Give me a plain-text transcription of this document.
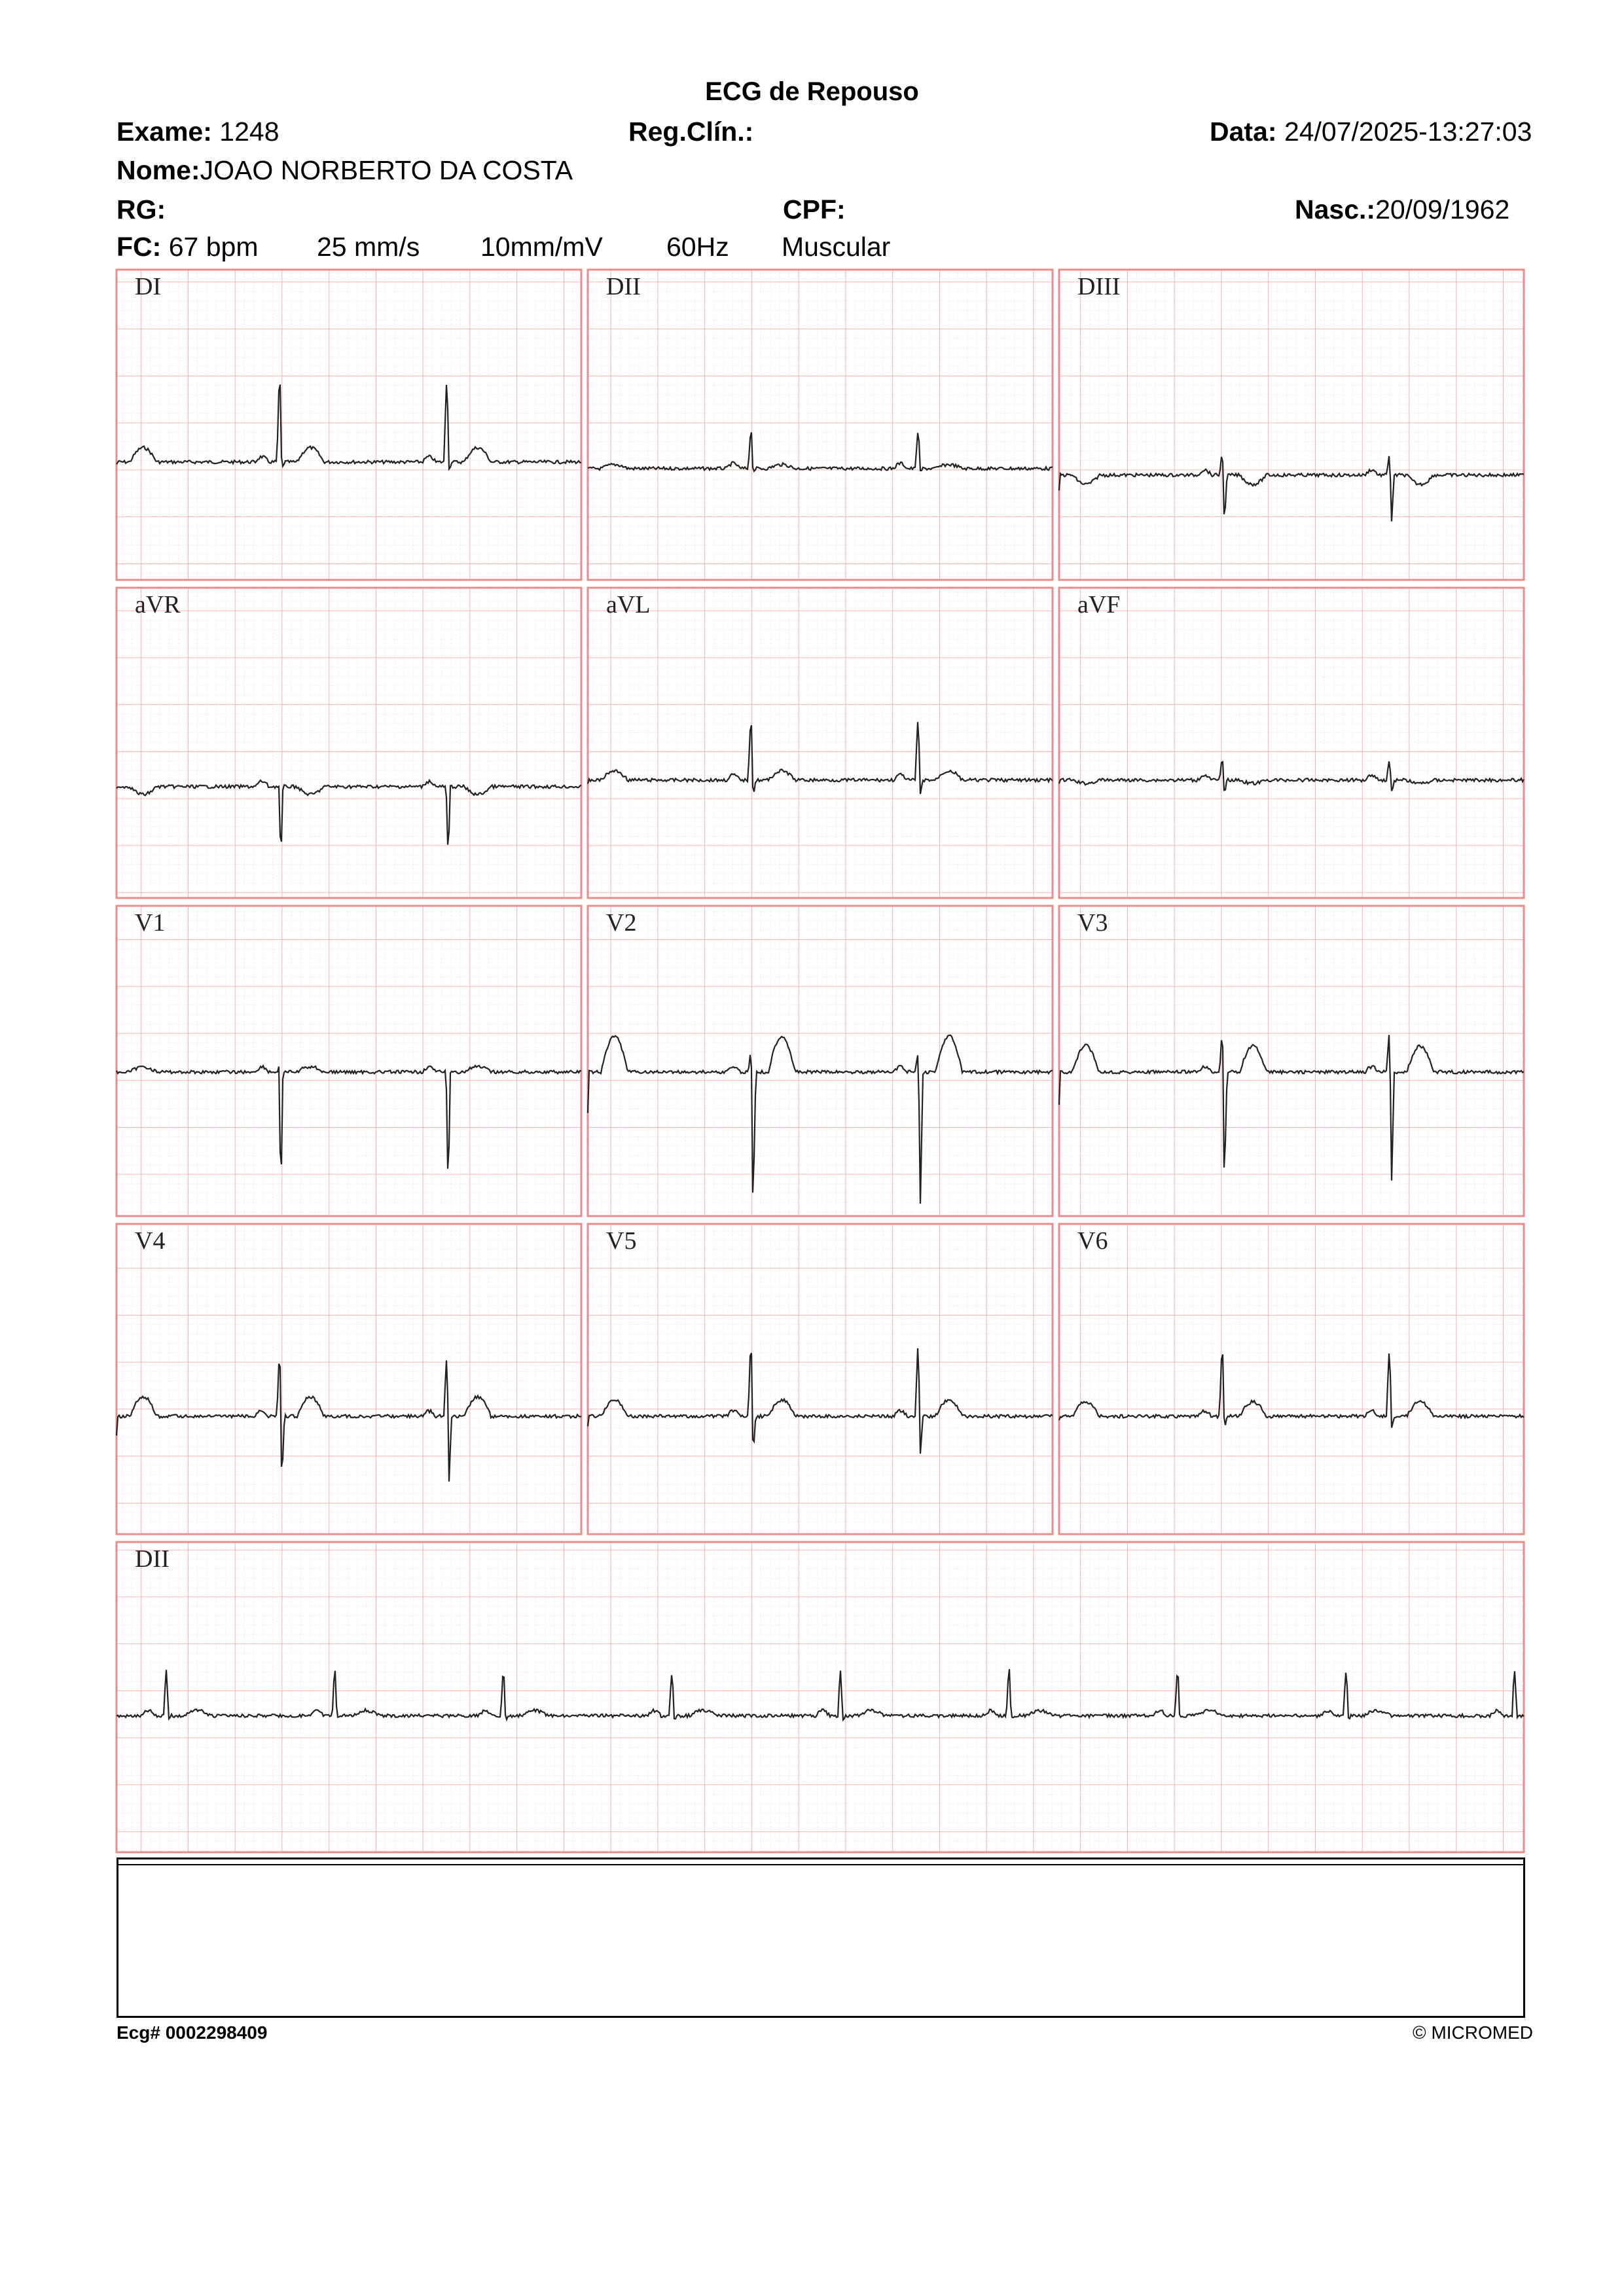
ECG de Repouso
Exame: 1248	Reg.Clín.:	Data: 24/07/2025-13:27:03
Nome:JOAO NORBERTO DA COSTA
RG:	CPF:	Nasc.:20/09/1962
FC: 67 bpm 25 mm/s 10mm/mV 60Hz Muscular
DI	DII	DIII
aVR	aVL	aVF
V1	V2	V3
V4	V5	V6
DII
Ecg# 0002298409	© MICROMED
